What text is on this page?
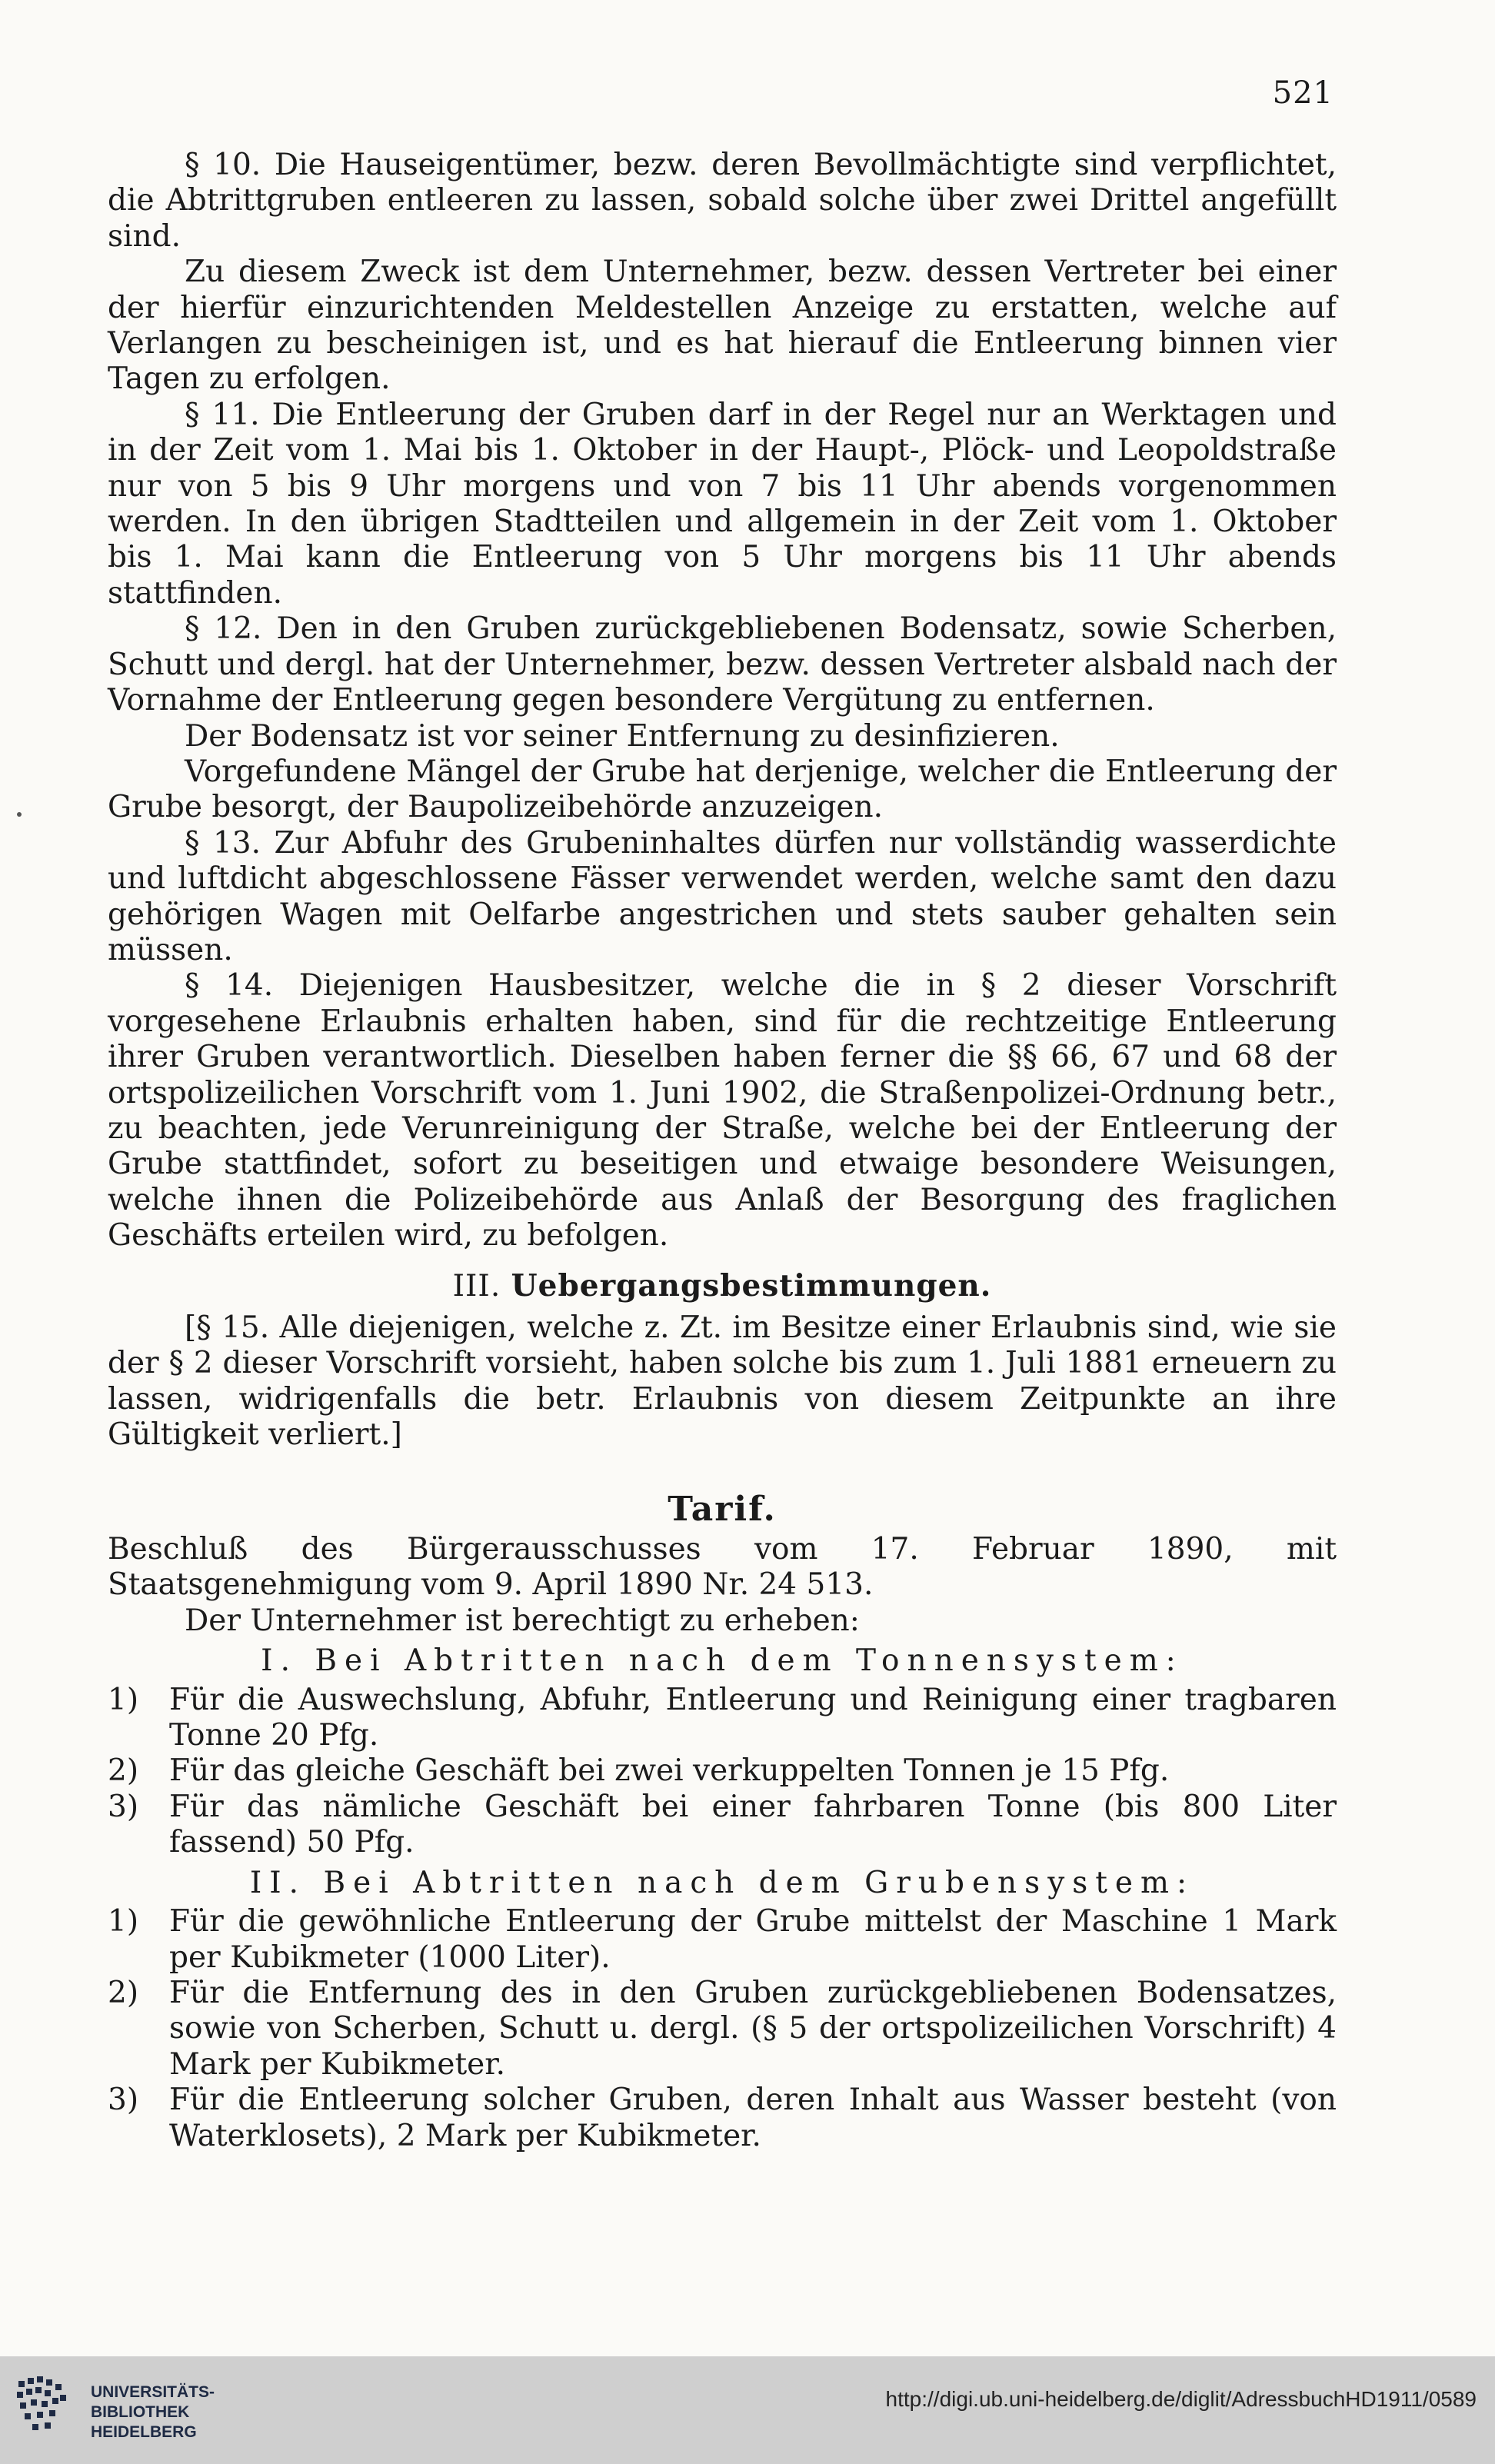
521

§ 10. Die Hauseigentümer, bezw. deren Bevollmächtigte sind verpflichtet, die Abtrittgruben entleeren zu lassen, sobald solche über zwei Drittel angefüllt sind.

Zu diesem Zweck ist dem Unternehmer, bezw. dessen Vertreter bei einer der hierfür einzurichtenden Meldestellen Anzeige zu erstatten, welche auf Verlangen zu bescheinigen ist, und es hat hierauf die Entleerung binnen vier Tagen zu erfolgen.

§ 11. Die Entleerung der Gruben darf in der Regel nur an Werktagen und in der Zeit vom 1. Mai bis 1. Oktober in der Haupt-, Plöck- und Leopoldstraße nur von 5 bis 9 Uhr morgens und von 7 bis 11 Uhr abends vorgenommen werden. In den übrigen Stadtteilen und allgemein in der Zeit vom 1. Oktober bis 1. Mai kann die Entleerung von 5 Uhr morgens bis 11 Uhr abends stattfinden.

§ 12. Den in den Gruben zurückgebliebenen Bodensatz, sowie Scherben, Schutt und dergl. hat der Unternehmer, bezw. dessen Vertreter alsbald nach der Vornahme der Entleerung gegen besondere Vergütung zu entfernen.

Der Bodensatz ist vor seiner Entfernung zu desinfizieren.

Vorgefundene Mängel der Grube hat derjenige, welcher die Entleerung der Grube besorgt, der Baupolizeibehörde anzuzeigen.

§ 13. Zur Abfuhr des Grubeninhaltes dürfen nur vollständig wasserdichte und luftdicht abgeschlossene Fässer verwendet werden, welche samt den dazu gehörigen Wagen mit Oelfarbe angestrichen und stets sauber gehalten sein müssen.

§ 14. Diejenigen Hausbesitzer, welche die in § 2 dieser Vorschrift vorgesehene Erlaubnis erhalten haben, sind für die rechtzeitige Entleerung ihrer Gruben verantwortlich. Dieselben haben ferner die §§ 66, 67 und 68 der ortspolizeilichen Vorschrift vom 1. Juni 1902, die Straßenpolizei-Ordnung betr., zu beachten, jede Verunreinigung der Straße, welche bei der Entleerung der Grube stattfindet, sofort zu beseitigen und etwaige besondere Weisungen, welche ihnen die Polizeibehörde aus Anlaß der Besorgung des fraglichen Geschäfts erteilen wird, zu befolgen.

III. Uebergangsbestimmungen.

[§ 15. Alle diejenigen, welche z. Zt. im Besitze einer Erlaubnis sind, wie sie der § 2 dieser Vorschrift vorsieht, haben solche bis zum 1. Juli 1881 erneuern zu lassen, widrigenfalls die betr. Erlaubnis von diesem Zeitpunkte an ihre Gültigkeit verliert.]

Tarif.

Beschluß des Bürgerausschusses vom 17. Februar 1890, mit Staatsgenehmigung vom 9. April 1890 Nr. 24 513.

Der Unternehmer ist berechtigt zu erheben:

I. Bei Abtritten nach dem Tonnensystem:
1)	Für die Auswechslung, Abfuhr, Entleerung und Reinigung einer tragbaren Tonne 20 Pfg.
2)	Für das gleiche Geschäft bei zwei verkuppelten Tonnen je 15 Pfg.
3)	Für das nämliche Geschäft bei einer fahrbaren Tonne (bis 800 Liter fassend) 50 Pfg.
II. Bei Abtritten nach dem Grubensystem:
1)	Für die gewöhnliche Entleerung der Grube mittelst der Maschine 1 Mark per Kubikmeter (1000 Liter).
2)	Für die Entfernung des in den Gruben zurückgebliebenen Bodensatzes, sowie von Scherben, Schutt u. dergl. (§ 5 der ortspolizeilichen Vorschrift) 4 Mark per Kubikmeter.
3)	Für die Entleerung solcher Gruben, deren Inhalt aus Wasser besteht (von Waterklosets), 2 Mark per Kubikmeter.
UNIVERSITÄTS-
BIBLIOTHEK
HEIDELBERG
http://digi.ub.uni-heidelberg.de/diglit/AdressbuchHD1911/0589
